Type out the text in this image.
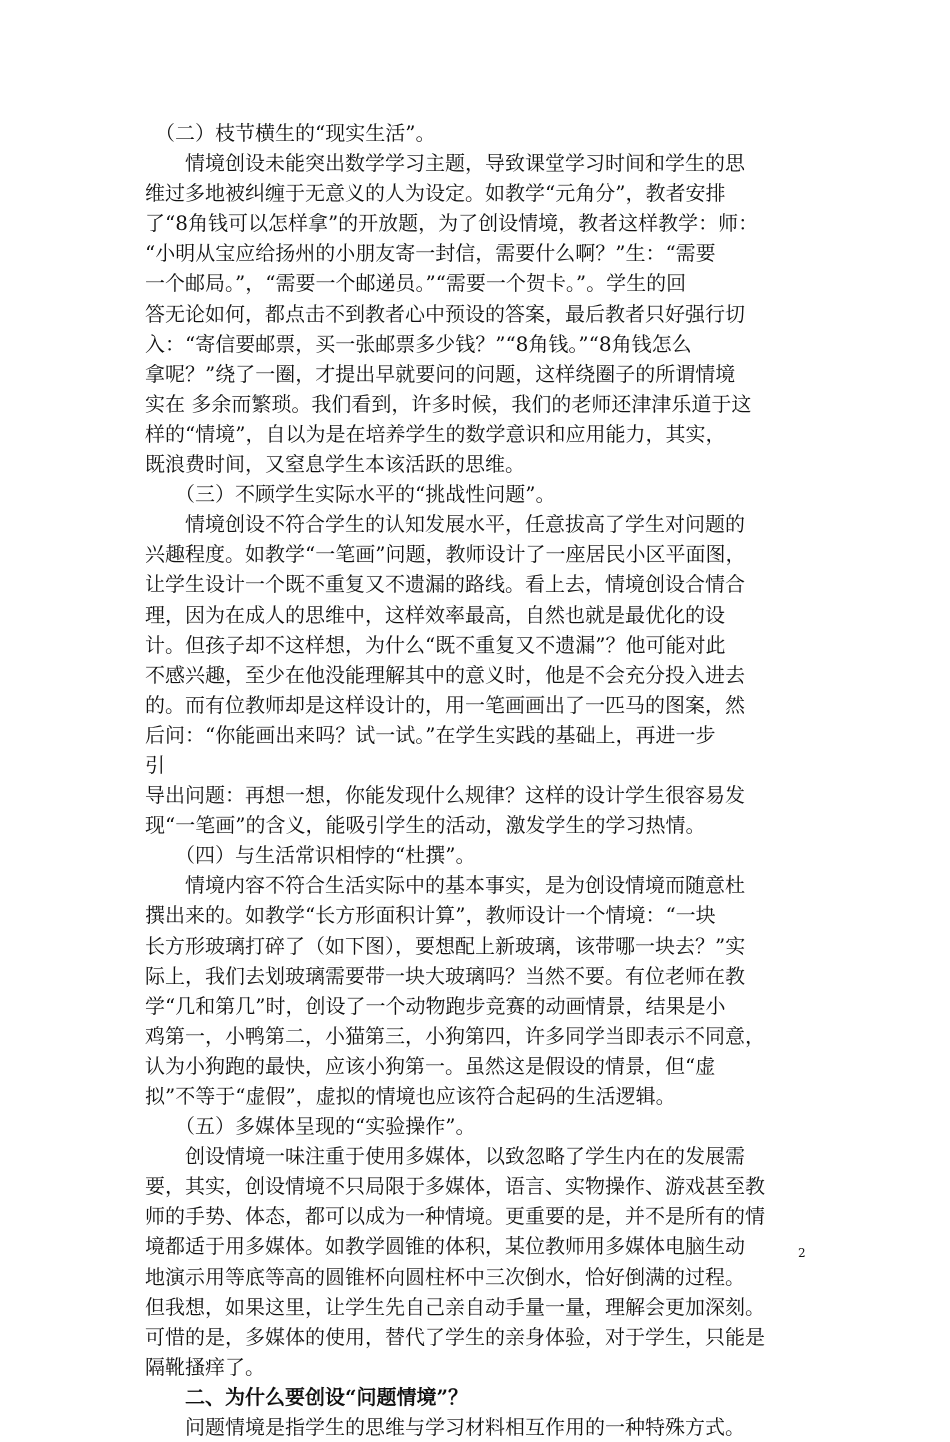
　（二）枝节横生的“现实生活”。
　　情境创设未能突出数学学习主题，导致课堂学习时间和学生的思
维过多地被纠缠于无意义的人为设定。如教学“元角分”，教者安排
了“8角钱可以怎样拿”的开放题，为了创设情境，教者这样教学：师：
“小明从宝应给扬州的小朋友寄一封信，需要什么啊？”生：“需要
一个邮局。”，“需要一个邮递员。”“需要一个贺卡。”。学生的回
答无论如何，都点击不到教者心中预设的答案，最后教者只好强行切
入：“寄信要邮票，买一张邮票多少钱？”“8角钱。”“8角钱怎么
拿呢？”绕了一圈，才提出早就要问的问题，这样绕圈子的所谓情境
实在 多余而繁琐。我们看到，许多时候，我们的老师还津津乐道于这
样的“情境”，自以为是在培养学生的数学意识和应用能力，其实，
既浪费时间，又窒息学生本该活跃的思维。
　　（三）不顾学生实际水平的“挑战性问题”。
　　情境创设不符合学生的认知发展水平，任意拔高了学生对问题的
兴趣程度。如教学“一笔画”问题，教师设计了一座居民小区平面图，
让学生设计一个既不重复又不遗漏的路线。看上去，情境创设合情合
理，因为在成人的思维中，这样效率最高，自然也就是最优化的设
计。但孩子却不这样想，为什么“既不重复又不遗漏”？他可能对此
不感兴趣，至少在他没能理解其中的意义时，他是不会充分投入进去
的。而有位教师却是这样设计的，用一笔画画出了一匹马的图案，然
后问：“你能画出来吗？试一试。”在学生实践的基础上，再进一步
引
导出问题：再想一想，你能发现什么规律？这样的设计学生很容易发
现“一笔画”的含义，能吸引学生的活动，激发学生的学习热情。
　　（四）与生活常识相悖的“杜撰”。
　　情境内容不符合生活实际中的基本事实，是为创设情境而随意杜
撰出来的。如教学“长方形面积计算”，教师设计一个情境：“一块
长方形玻璃打碎了（如下图），要想配上新玻璃，该带哪一块去？”实
际上，我们去划玻璃需要带一块大玻璃吗？当然不要。有位老师在教
学“几和第几”时，创设了一个动物跑步竞赛的动画情景，结果是小
鸡第一，小鸭第二，小猫第三，小狗第四，许多同学当即表示不同意，
认为小狗跑的最快，应该小狗第一。虽然这是假设的情景，但“虚
拟”不等于“虚假”，虚拟的情境也应该符合起码的生活逻辑。
　　（五）多媒体呈现的“实验操作”。
　　创设情境一味注重于使用多媒体，以致忽略了学生内在的发展需
要，其实，创设情境不只局限于多媒体，语言、实物操作、游戏甚至教
师的手势、体态，都可以成为一种情境。更重要的是，并不是所有的情
境都适于用多媒体。如教学圆锥的体积，某位教师用多媒体电脑生动
地演示用等底等高的圆锥杯向圆柱杯中三次倒水，恰好倒满的过程。
但我想，如果这里，让学生先自己亲自动手量一量，理解会更加深刻。
可惜的是，多媒体的使用，替代了学生的亲身体验，对于学生，只能是
隔靴搔痒了。
　　二、为什么要创设“问题情境”？
　　问题情境是指学生的思维与学习材料相互作用的一种特殊方式。
2
